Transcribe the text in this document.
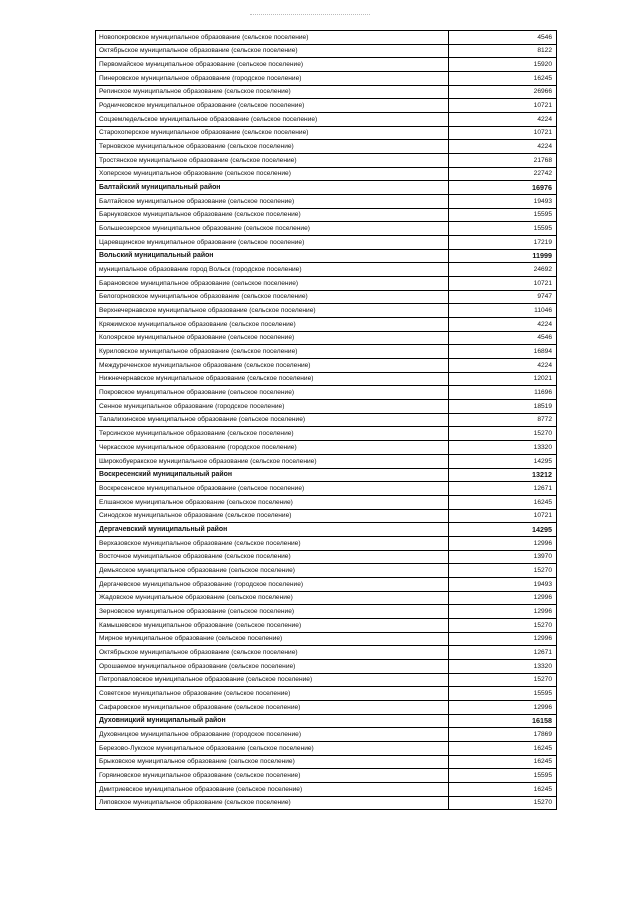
Новопокровское муниципальное образование (сельское поселение)	4546
Октябрьское муниципальное образование (сельское поселение)	8122
Первомайское муниципальное образование (сельское поселение)	15920
Пинеровское муниципальное образование (городское поселение)	16245
Репинское муниципальное образование (сельское поселение)	26966
Родничковское муниципальное образование (сельское поселение)	10721
Соцземледельское муниципальное образование (сельское поселение)	4224
Старохоперское муниципальное образование (сельское поселение)	10721
Терновское муниципальное образование (сельское поселение)	4224
Тростянское муниципальное образование (сельское поселение)	21768
Хоперское муниципальное образование (сельское поселение)	22742
Балтайский муниципальный район	16976
Балтайское муниципальное образование (сельское поселение)	19493
Барнуковское муниципальное образование (сельское поселение)	15595
Большеозерское муниципальное образование (сельское поселение)	15595
Царевщинское муниципальное образование (сельское поселение)	17219
Вольский муниципальный район	11999
муниципальное образование город Вольск (городское поселение)	24692
Барановское муниципальное образование (сельское поселение)	10721
Белогорновское муниципальное образование (сельское поселение)	9747
Верхнечернавское муниципальное образование (сельское поселение)	11046
Кряжимское муниципальное образование (сельское поселение)	4224
Колоярское муниципальное образование (сельское поселение)	4546
Куриловское муниципальное образование (сельское поселение)	16894
Междуреченское муниципальное образование (сельское поселение)	4224
Нижнечернавское муниципальное образование (сельское поселение)	12021
Покровское муниципальное образование (сельское поселение)	11696
Сенное муниципальное образование (городское поселение)	18519
Талалихинское муниципальное образование (сельское поселение)	8772
Терсинское муниципальное образование (сельское поселение)	15270
Черкасское муниципальное образование (городское поселение)	13320
Широкобуеракское муниципальное образование (сельское поселение)	14295
Воскресенский муниципальный район	13212
Воскресенское муниципальное образование (сельское поселение)	12671
Елшанское муниципальное образование (сельское поселение)	16245
Синодское муниципальное образование (сельское поселение)	10721
Дергачевский муниципальный район	14295
Верхазовское муниципальное образование (сельское поселение)	12996
Восточное муниципальное образование (сельское поселение)	13970
Демьясское муниципальное образование (сельское поселение)	15270
Дергачевское муниципальное образование (городское поселение)	19493
Жадовское муниципальное образование (сельское поселение)	12996
Зерновское муниципальное образование (сельское поселение)	12996
Камышевское муниципальное образование (сельское поселение)	15270
Мирное муниципальное образование (сельское поселение)	12996
Октябрьское муниципальное образование (сельское поселение)	12671
Орошаемое муниципальное образование (сельское поселение)	13320
Петропавловское муниципальное образование (сельское поселение)	15270
Советское муниципальное образование (сельское поселение)	15595
Сафаровское муниципальное образование (сельское поселение)	12996
Духовницкий муниципальный район	16158
Духовницкое муниципальное образование (городское поселение)	17869
Березово-Лукское муниципальное образование (сельское поселение)	16245
Брыковское муниципальное образование (сельское поселение)	16245
Горяиновское муниципальное образование (сельское поселение)	15595
Дмитриевское муниципальное образование (сельское поселение)	16245
Липовское муниципальное образование (сельское поселение)	15270
